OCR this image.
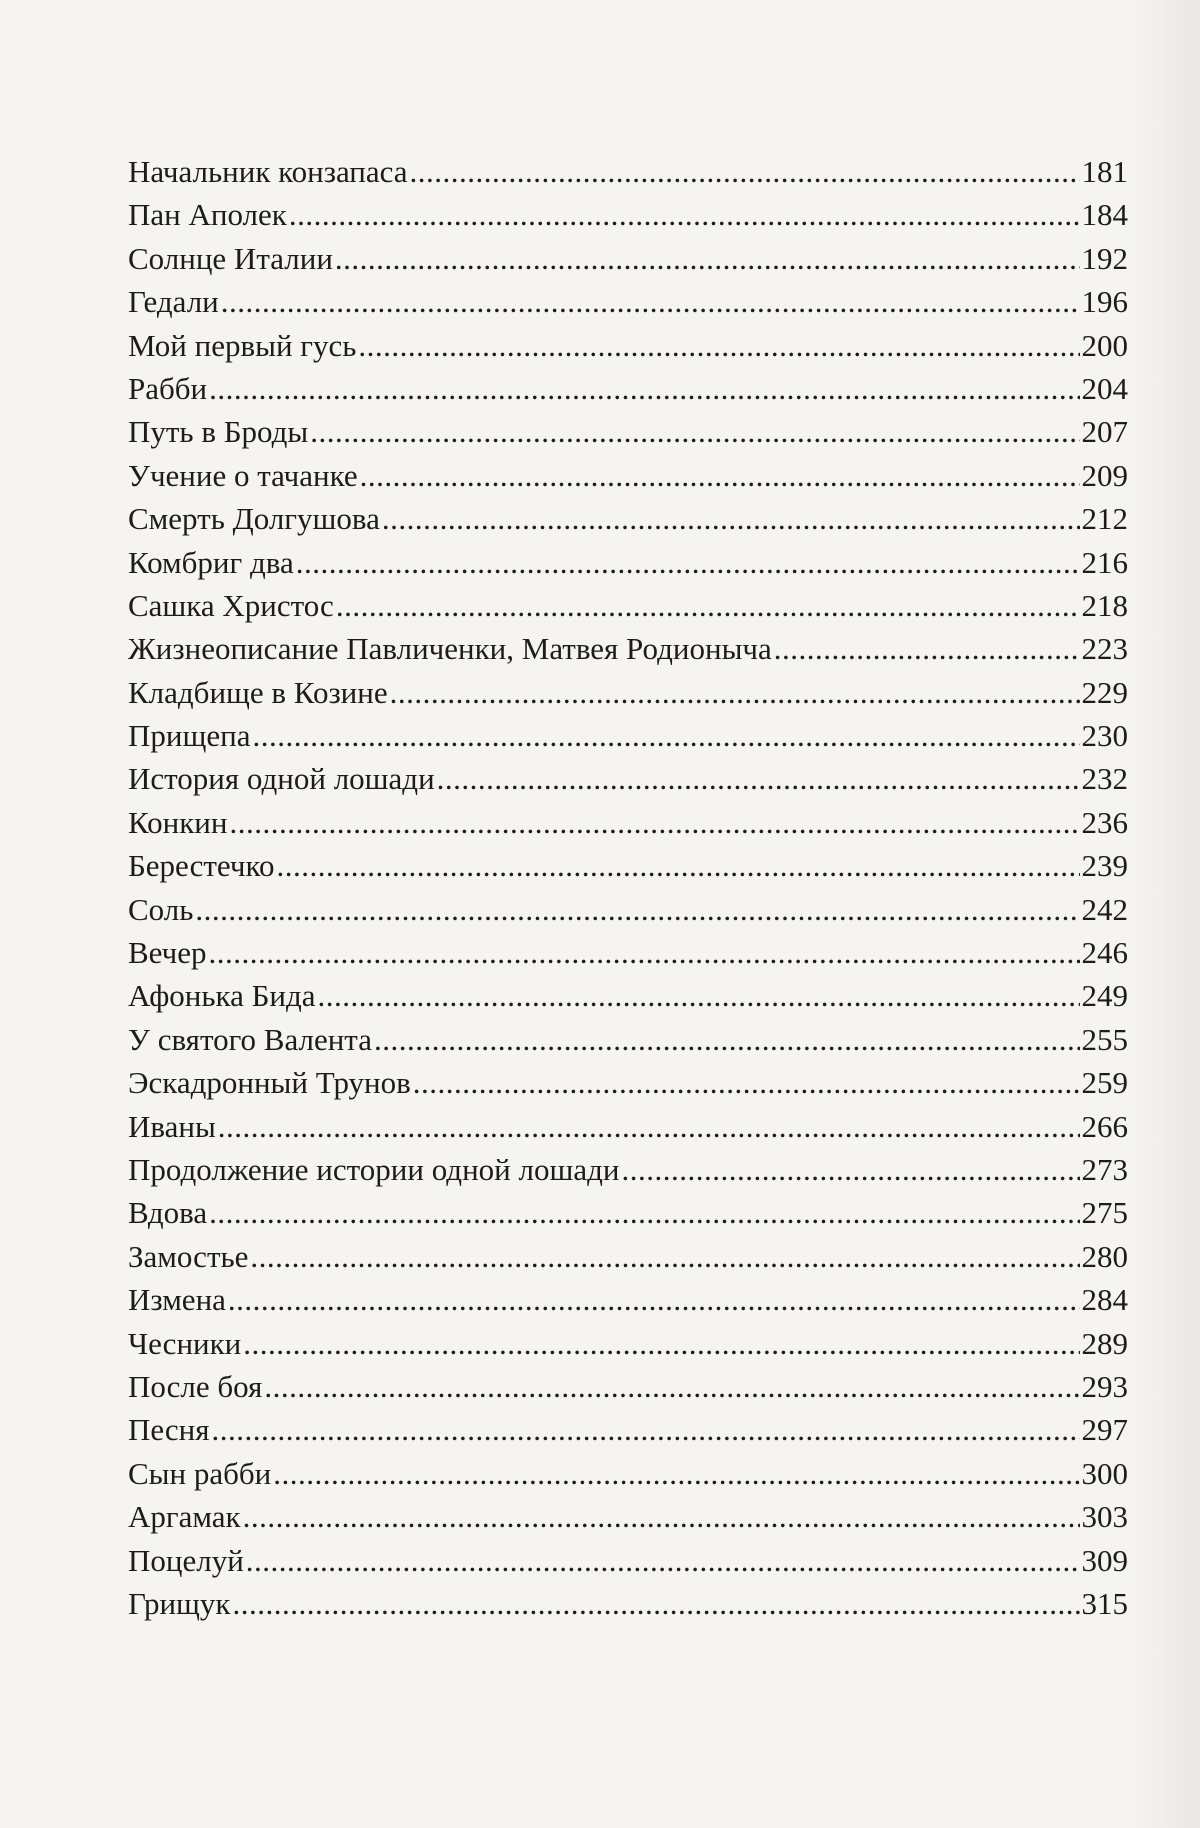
Начальник конзапаса .....	181
Пан Аполек .....	184
Солнце Италии .....	192
Гедали .....	196
Мой первый гусь .....	200
Рабби .....	204
Путь в Броды .....	207
Учение о тачанке .....	209
Смерть Долгушова .....	212
Комбриг два .....	216
Сашка Христос .....	218
Жизнеописание Павличенки, Матвея Родионыча .....	223
Кладбище в Козине .....	229
Прищепа .....	230
История одной лошади .....	232
Конкин .....	236
Берестечко .....	239
Соль .....	242
Вечер .....	246
Афонька Бида .....	249
У святого Валента .....	255
Эскадронный Трунов .....	259
Иваны .....	266
Продолжение истории одной лошади .....	273
Вдова .....	275
Замостье .....	280
Измена .....	284
Чесники .....	289
После боя .....	293
Песня .....	297
Сын рабби .....	300
Аргамак .....	303
Поцелуй .....	309
Грищук .....	315
